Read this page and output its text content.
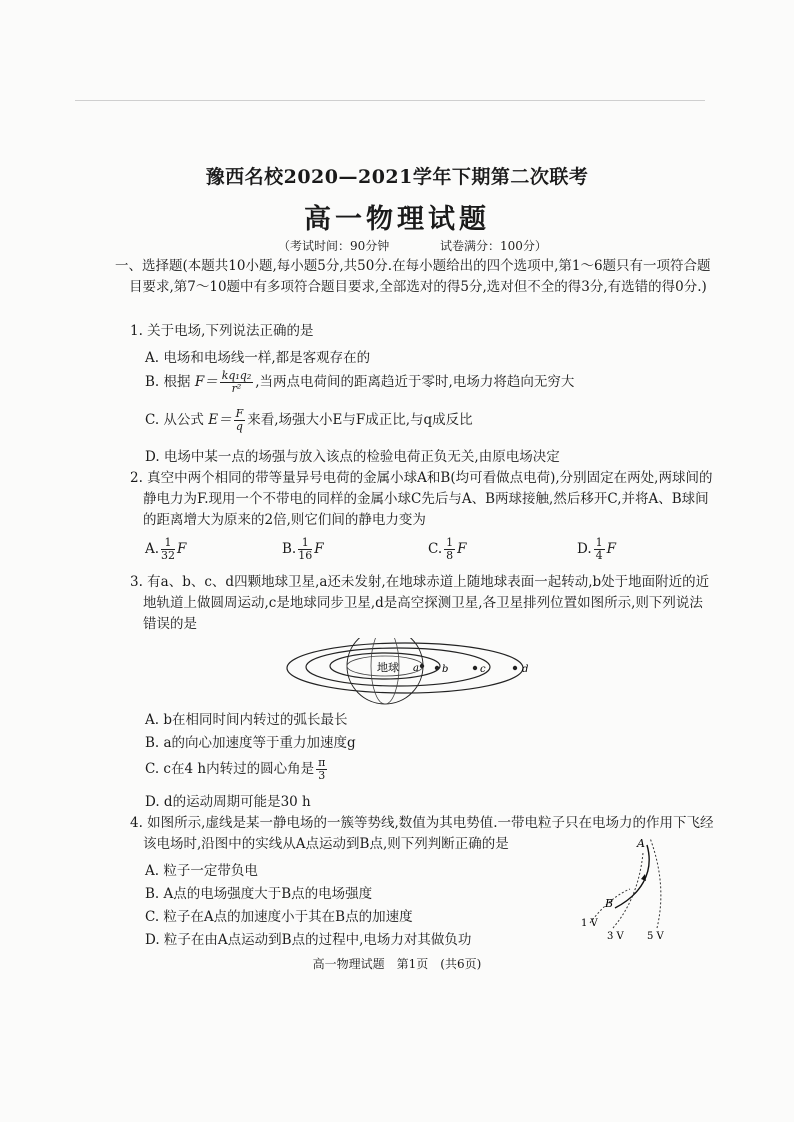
豫西名校2020—2021学年下期第二次联考
高一物理试题
（考试时间：90分钟	试卷满分：100分）
一、选择题(本题共10小题,每小题5分,共50分.在每小题给出的四个选项中,第1～6题只有一项符合题目要求,第7～10题中有多项符合题目要求,全部选对的得5分,选对但不全的得3分,有选错的得0分.)
1. 关于电场,下列说法正确的是
A. 电场和电场线一样,都是客观存在的
B. 根据 $F= \frac{\text{kq₁q₂}}{\text{r²}}$ ,当两点电荷间的距离趋近于零时,电场力将趋向无穷大
C. 从公式 $E= \frac{F}{q}$ 来看,场强大小E与F成正比,与q成反比
D. 电场中某一点的场强与放入该点的检验电荷正负无关,由原电场决定
2. 真空中两个相同的带等量异号电荷的金属小球A和B(均可看做点电荷),分别固定在两处,两球间的静电力为F.现用一个不带电的同样的金属小球C先后与A、B两球接触,然后移开C,并将A、B球间的距离增大为原来的2倍,则它们间的静电力变为
A. $\frac{1}{32}$ F	B. $\frac{1}{16}$ F	C. $\frac{1}{8}$ F	D. $\frac{1}{4}$ F
3. 有a、b、c、d四颗地球卫星,a还未发射,在地球赤道上随地球表面一起转动,b处于地面附近的近地轨道上做圆周运动,c是地球同步卫星,d是高空探测卫星,各卫星排列位置如图所示,则下列说法错误的是
地球 a b	c	d
A. b在相同时间内转过的弧长最长
B. a的向心加速度等于重力加速度g
C. c在4 h内转过的圆心角是 $\frac{\pi}{3}$
D. d的运动周期可能是30 h
4. 如图所示,虚线是某一静电场的一簇等势线,数值为其电势值.一带电粒子只在电场力的作用下飞经该电场时,沿图中的实线从A点运动到B点,则下列判断正确的是
A. 粒子一定带负电
B. A点的电场强度大于B点的电场强度
C. 粒子在A点的加速度小于其在B点的加速度
D. 粒子在由A点运动到B点的过程中,电场力对其做负功
A
B
1 V
3 V 5 V
高一物理试题　第1页　(共6页)
